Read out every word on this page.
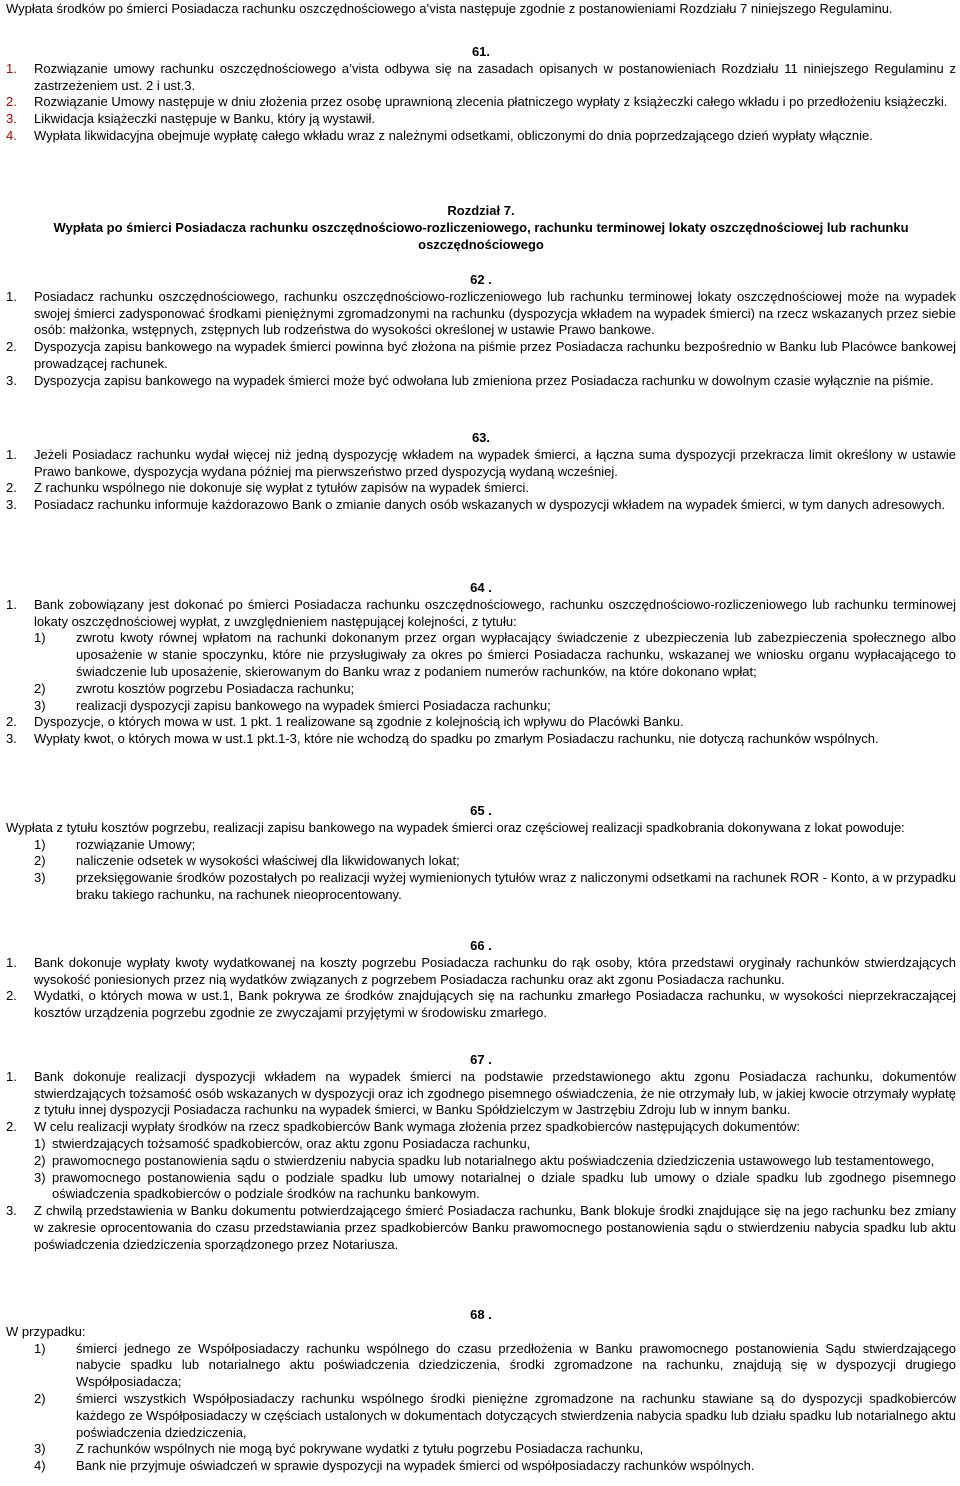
Wypłata środków po śmierci Posiadacza rachunku oszczędnościowego a’vista następuje zgodnie z postanowieniami Rozdziału 7 niniejszego Regulaminu.

61.

1.	Rozwiązanie umowy rachunku oszczędnościowego a’vista odbywa się na zasadach opisanych w postanowieniach Rozdziału 11 niniejszego Regulaminu z zastrzeżeniem ust. 2 i ust.3.
2.	Rozwiązanie Umowy następuje w dniu złożenia przez osobę uprawnioną zlecenia płatniczego wypłaty z książeczki całego wkładu i po przedłożeniu książeczki.
3.	Likwidacja książeczki następuje w Banku, który ją wystawił.
4.	Wypłata likwidacyjna obejmuje wypłatę całego wkładu wraz z należnymi odsetkami, obliczonymi do dnia poprzedzającego dzień wypłaty włącznie.

Rozdział 7.

Wypłata po śmierci Posiadacza rachunku oszczędnościowo-rozliczeniowego, rachunku terminowej lokaty oszczędnościowej lub rachunku oszczędnościowego

62 .

1.	Posiadacz rachunku oszczędnościowego, rachunku oszczędnościowo-rozliczeniowego lub rachunku terminowej lokaty oszczędnościowej może na wypadek swojej śmierci zadysponować środkami pieniężnymi zgromadzonymi na rachunku (dyspozycja wkładem na wypadek śmierci) na rzecz wskazanych przez siebie osób: małżonka, wstępnych, zstępnych lub rodzeństwa do wysokości określonej w ustawie Prawo bankowe.
2.	Dyspozycja zapisu bankowego na wypadek śmierci powinna być złożona na piśmie przez Posiadacza rachunku bezpośrednio w Banku lub Placówce bankowej prowadzącej rachunek.
3.	Dyspozycja zapisu bankowego na wypadek śmierci może być odwołana lub zmieniona przez Posiadacza rachunku w dowolnym czasie wyłącznie na piśmie.

63.

1.	Jeżeli Posiadacz rachunku wydał więcej niż jedną dyspozycję wkładem na wypadek śmierci, a łączna suma dyspozycji przekracza limit określony w ustawie Prawo bankowe, dyspozycja wydana później ma pierwszeństwo przed dyspozycją wydaną wcześniej.
2.	Z rachunku wspólnego nie dokonuje się wypłat z tytułów zapisów na wypadek śmierci.
3.	Posiadacz rachunku informuje każdorazowo Bank o zmianie danych osób wskazanych w dyspozycji wkładem na wypadek śmierci, w tym danych adresowych.

64 .

1.	Bank zobowiązany jest dokonać po śmierci Posiadacza rachunku oszczędnościowego, rachunku oszczędnościowo-rozliczeniowego lub rachunku terminowej lokaty oszczędnościowej wypłat, z uwzględnieniem następującej kolejności, z tytułu:
1)	zwrotu kwoty równej wpłatom na rachunki dokonanym przez organ wypłacający świadczenie z ubezpieczenia lub zabezpieczenia społecznego albo uposażenie w stanie spoczynku, które nie przysługiwały za okres po śmierci Posiadacza rachunku, wskazanej we wniosku organu wypłacającego to świadczenie lub uposażenie, skierowanym do Banku wraz z podaniem numerów rachunków, na które dokonano wpłat;
2)	zwrotu kosztów pogrzebu Posiadacza rachunku;
3)	realizacji dyspozycji zapisu bankowego na wypadek śmierci Posiadacza rachunku;
2.	Dyspozycje, o których mowa w ust. 1 pkt. 1 realizowane są zgodnie z kolejnością ich wpływu do Placówki Banku.
3.	Wypłaty kwot, o których mowa w ust.1 pkt.1-3, które nie wchodzą do spadku po zmarłym Posiadaczu rachunku, nie dotyczą rachunków wspólnych.

65 .

Wypłata z tytułu kosztów pogrzebu, realizacji zapisu bankowego na wypadek śmierci oraz częściowej realizacji spadkobrania dokonywana z lokat powoduje:

1)	rozwiązanie Umowy;
2)	naliczenie odsetek w wysokości właściwej dla likwidowanych lokat;
3)	przeksięgowanie środków pozostałych po realizacji wyżej wymienionych tytułów wraz z naliczonymi odsetkami na rachunek ROR - Konto, a w przypadku braku takiego rachunku, na rachunek nieoprocentowany.

66 .

1.	Bank dokonuje wypłaty kwoty wydatkowanej na koszty pogrzebu Posiadacza rachunku do rąk osoby, która przedstawi oryginały rachunków stwierdzających wysokość poniesionych przez nią wydatków związanych z pogrzebem Posiadacza rachunku oraz akt zgonu Posiadacza rachunku.
2.	Wydatki, o których mowa w ust.1, Bank pokrywa ze środków znajdujących się na rachunku zmarłego Posiadacza rachunku, w wysokości nieprzekraczającej kosztów urządzenia pogrzebu zgodnie ze zwyczajami przyjętymi w środowisku zmarłego.

67 .

1.	Bank dokonuje realizacji dyspozycji wkładem na wypadek śmierci na podstawie przedstawionego aktu zgonu Posiadacza rachunku, dokumentów stwierdzających tożsamość osób wskazanych w dyspozycji oraz ich zgodnego pisemnego oświadczenia, że nie otrzymały lub, w jakiej kwocie otrzymały wypłatę z tytułu innej dyspozycji Posiadacza rachunku na wypadek śmierci, w Banku Spółdzielczym w Jastrzębiu Zdroju lub w innym banku.
2.	W celu realizacji wypłaty środków na rzecz spadkobierców Bank wymaga złożenia przez spadkobierców następujących dokumentów:
1) stwierdzających tożsamość spadkobierców, oraz aktu zgonu Posiadacza rachunku,
2) prawomocnego postanowienia sądu o stwierdzeniu nabycia spadku lub notarialnego aktu poświadczenia dziedziczenia ustawowego lub testamentowego,
3) prawomocnego postanowienia sądu o podziale spadku lub umowy notarialnej o dziale spadku lub umowy o dziale spadku lub zgodnego pisemnego oświadczenia spadkobierców o podziale środków na rachunku bankowym.
3.	Z chwilą przedstawienia w Banku dokumentu potwierdzającego śmierć Posiadacza rachunku, Bank blokuje środki znajdujące się na jego rachunku bez zmiany w zakresie oprocentowania do czasu przedstawiania przez spadkobierców Banku prawomocnego postanowienia sądu o stwierdzeniu nabycia spadku lub aktu poświadczenia dziedziczenia sporządzonego przez Notariusza.

68 .

W przypadku:

1)	śmierci jednego ze Współposiadaczy rachunku wspólnego do czasu przedłożenia w Banku prawomocnego postanowienia Sądu stwierdzającego nabycie spadku lub notarialnego aktu poświadczenia dziedziczenia, środki zgromadzone na rachunku, znajdują się w dyspozycji drugiego Współposiadacza;
2)	śmierci wszystkich Współposiadaczy rachunku wspólnego środki pieniężne zgromadzone na rachunku stawiane są do dyspozycji spadkobierców każdego ze Współposiadaczy w częściach ustalonych w dokumentach dotyczących stwierdzenia nabycia spadku lub działu spadku lub notarialnego aktu poświadczenia dziedziczenia,
3)	Z rachunków wspólnych nie mogą być pokrywane wydatki z tytułu pogrzebu Posiadacza rachunku,
4)	Bank nie przyjmuje oświadczeń w sprawie dyspozycji na wypadek śmierci od współposiadaczy rachunków wspólnych.
